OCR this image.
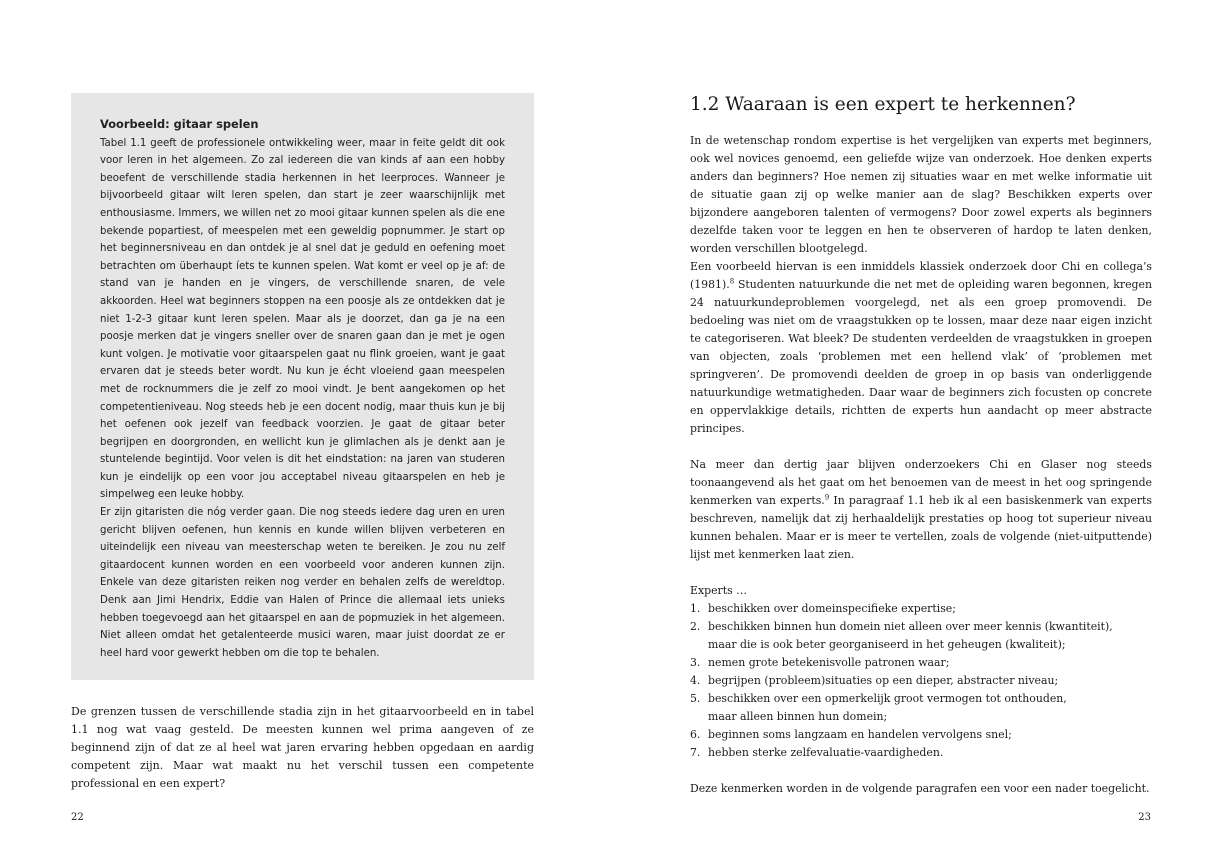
Voorbeeld: gitaar spelen

Tabel 1.1 geeft de professionele ontwikkeling weer, maar in feite geldt dit ook voor leren in het algemeen. Zo zal iedereen die van kinds af aan een hobby beoefent de verschillende stadia herkennen in het leerproces. Wanneer je bijvoorbeeld gitaar wilt leren spelen, dan start je zeer waarschijnlijk met enthousiasme. Immers, we willen net zo mooi gitaar kunnen spelen als die ene bekende popartiest, of meespelen met een geweldig popnummer. Je start op het beginnersniveau en dan ontdek je al snel dat je geduld en oefening moet betrachten om überhaupt íets te kunnen spelen. Wat komt er veel op je af: de stand van je handen en je vingers, de verschillende snaren, de vele akkoorden. Heel wat beginners stoppen na een poosje als ze ontdekken dat je niet 1-2-3 gitaar kunt leren spelen. Maar als je doorzet, dan ga je na een poosje merken dat je vingers sneller over de snaren gaan dan je met je ogen kunt volgen. Je motivatie voor gitaarspelen gaat nu flink groeien, want je gaat ervaren dat je steeds beter wordt. Nu kun je écht vloeiend gaan meespelen met de rocknummers die je zelf zo mooi vindt. Je bent aangekomen op het competentieniveau. Nog steeds heb je een docent nodig, maar thuis kun je bij het oefenen ook jezelf van feedback voorzien. Je gaat de gitaar beter begrijpen en doorgronden, en wellicht kun je glimlachen als je denkt aan je stuntelende begintijd. Voor velen is dit het eindstation: na jaren van studeren kun je eindelijk op een voor jou acceptabel niveau gitaarspelen en heb je simpelweg een leuke hobby.

Er zijn gitaristen die nóg verder gaan. Die nog steeds iedere dag uren en uren gericht blijven oefenen, hun kennis en kunde willen blijven verbeteren en uiteindelijk een niveau van meesterschap weten te bereiken. Je zou nu zelf gitaardocent kunnen worden en een voorbeeld voor anderen kunnen zijn. Enkele van deze gitaristen reiken nog verder en behalen zelfs de wereldtop. Denk aan Jimi Hendrix, Eddie van Halen of Prince die allemaal iets unieks hebben toegevoegd aan het gitaarspel en aan de popmuziek in het algemeen. Niet alleen omdat het getalenteerde musici waren, maar juist doordat ze er heel hard voor gewerkt hebben om die top te behalen.

De grenzen tussen de verschillende stadia zijn in het gitaarvoorbeeld en in tabel 1.1 nog wat vaag gesteld. De meesten kunnen wel prima aangeven of ze beginnend zijn of dat ze al heel wat jaren ervaring hebben opgedaan en aardig competent zijn. Maar wat maakt nu het verschil tussen een competente professional en een expert?

22
1.2 Waaraan is een expert te herkennen?

In de wetenschap rondom expertise is het vergelijken van experts met beginners, ook wel novices genoemd, een geliefde wijze van onderzoek. Hoe denken experts anders dan beginners? Hoe nemen zij situaties waar en met welke informatie uit de situatie gaan zij op welke manier aan de slag? Beschikken experts over bijzondere aangeboren talenten of vermogens? Door zowel experts als beginners dezelfde taken voor te leggen en hen te observeren of hardop te laten denken, worden verschillen blootgelegd.

Een voorbeeld hiervan is een inmiddels klassiek onderzoek door Chi en collega’s (1981).$^8$ Studenten natuurkunde die net met de opleiding waren begonnen, kregen 24 natuurkundeproblemen voorgelegd, net als een groep promovendi. De bedoeling was niet om de vraagstukken op te lossen, maar deze naar eigen inzicht te categoriseren. Wat bleek? De studenten verdeelden de vraagstukken in groepen van objecten, zoals ‘problemen met een hellend vlak’ of ‘problemen met springveren’. De promovendi deelden de groep in op basis van onderliggende natuurkundige wetmatigheden. Daar waar de beginners zich focusten op concrete en oppervlakkige details, richtten de experts hun aandacht op meer abstracte principes.

Na meer dan dertig jaar blijven onderzoekers Chi en Glaser nog steeds toonaangevend als het gaat om het benoemen van de meest in het oog springende kenmerken van experts.$^9$ In paragraaf 1.1 heb ik al een basiskenmerk van experts beschreven, namelijk dat zij herhaaldelijk prestaties op hoog tot superieur niveau kunnen behalen. Maar er is meer te vertellen, zoals de volgende (niet-uitputtende) lijst met kenmerken laat zien.

Experts …

1. beschikken over domeinspecifieke expertise;
2. beschikken binnen hun domein niet alleen over meer kennis (kwantiteit),
maar die is ook beter georganiseerd in het geheugen (kwaliteit);
3. nemen grote betekenisvolle patronen waar;
4. begrijpen (probleem)situaties op een dieper, abstracter niveau;
5. beschikken over een opmerkelijk groot vermogen tot onthouden,
maar alleen binnen hun domein;
6. beginnen soms langzaam en handelen vervolgens snel;
7. hebben sterke zelfevaluatie-vaardigheden.

Deze kenmerken worden in de volgende paragrafen een voor een nader toegelicht.

23
